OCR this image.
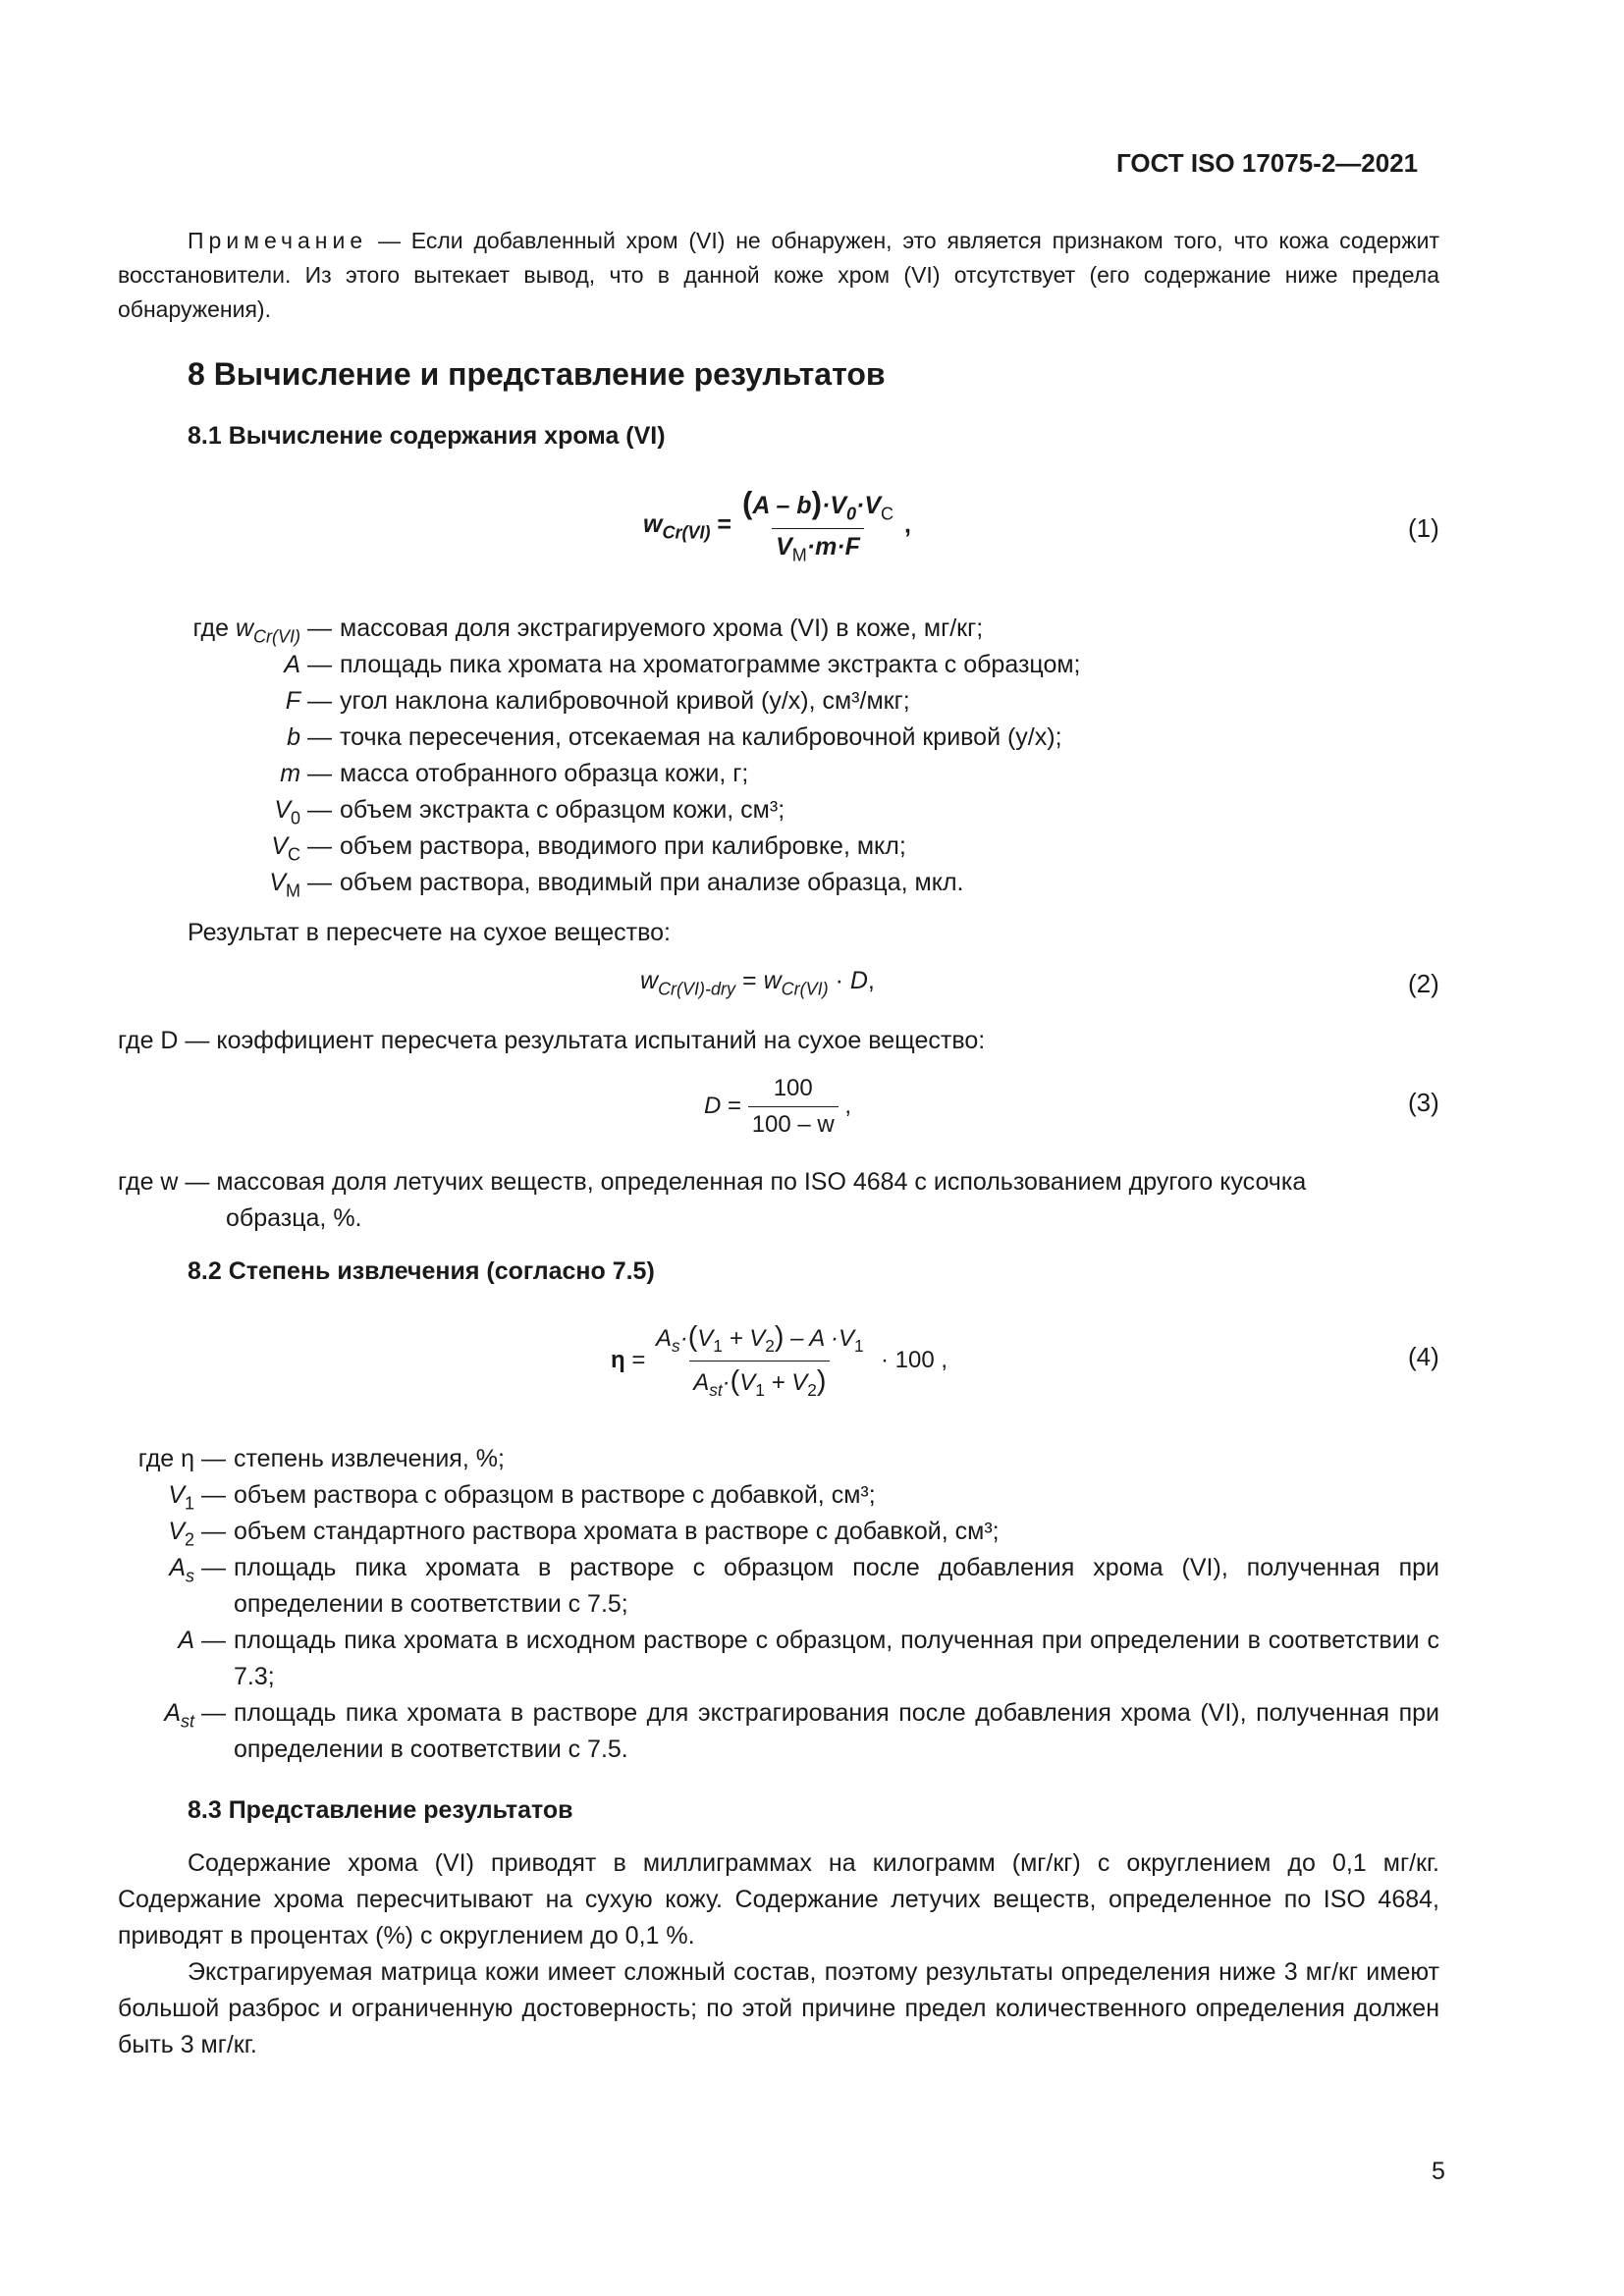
ГОСТ ISO 17075-2—2021
Примечание — Если добавленный хром (VI) не обнаружен, это является признаком того, что кожа содержит восстановители. Из этого вытекает вывод, что в данной коже хром (VI) отсутствует (его содержание ниже предела обнаружения).
8 Вычисление и представление результатов
8.1 Вычисление содержания хрома (VI)
$w_{Cr(VI)} = \frac{(A - b)\cdot V_0\cdot V_C}{V_M\cdot m\cdot F}$ ,	(1)
где $w_{Cr(VI)}$ — массовая доля экстрагируемого хрома (VI) в коже, мг/кг;
A — площадь пика хромата на хроматограмме экстракта с образцом;
F — угол наклона калибровочной кривой (y/x), см³/мкг;
b — точка пересечения, отсекаемая на калибровочной кривой (y/x);
m — масса отобранного образца кожи, г;
$V_0$ — объем экстракта с образцом кожи, см³;
$V_C$ — объем раствора, вводимого при калибровке, мкл;
$V_M$ — объем раствора, вводимый при анализе образца, мкл.
Результат в пересчете на сухое вещество:
$w_{Cr(VI)-dry} = w_{Cr(VI)} \cdot D$,	(2)
где D — коэффициент пересчета результата испытаний на сухое вещество:
$D = \frac{100}{100 - w}$ ,	(3)
где w — массовая доля летучих веществ, определенная по ISO 4684 с использованием другого кусочка
образца, %.
8.2 Степень извлечения (согласно 7.5)
$\eta = \frac{A_s\cdot(V_1 + V_2) - A \cdot V_1}{A_{st}\cdot(V_1 + V_2)} \cdot 100$ ,	(4)
где η — степень извлечения, %;
$V_1$ — объем раствора с образцом в растворе с добавкой, см³;
$V_2$ — объем стандартного раствора хромата в растворе с добавкой, см³;
$A_s$ — площадь пика хромата в растворе с образцом после добавления хрома (VI), полученная при определении в соответствии с 7.5;
A — площадь пика хромата в исходном растворе с образцом, полученная при определении в соответствии с 7.3;
$A_{st}$ — площадь пика хромата в растворе для экстрагирования после добавления хрома (VI), полученная при определении в соответствии с 7.5.
8.3 Представление результатов
Содержание хрома (VI) приводят в миллиграммах на килограмм (мг/кг) с округлением до 0,1 мг/кг. Содержание хрома пересчитывают на сухую кожу. Содержание летучих веществ, определенное по ISO 4684, приводят в процентах (%) с округлением до 0,1 %.
Экстрагируемая матрица кожи имеет сложный состав, поэтому результаты определения ниже 3 мг/кг имеют большой разброс и ограниченную достоверность; по этой причине предел количественного определения должен быть 3 мг/кг.
5
